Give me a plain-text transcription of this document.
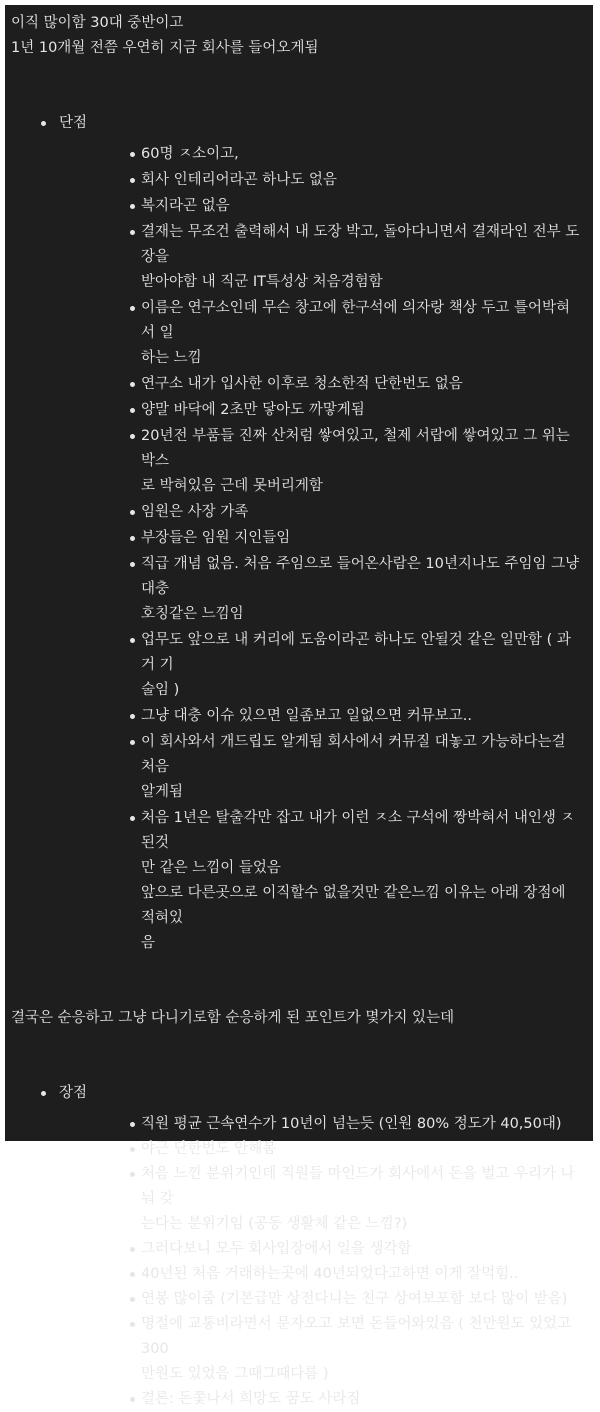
이직 많이함 30대 중반이고

1년 10개월 전쯤 우연히 지금 회사를 들어오게됨

단점
60명 ㅈ소이고,
회사 인테리어라곤 하나도 없음
복지라곤 없음
결재는 무조건 출력해서 내 도장 박고, 돌아다니면서 결재라인 전부 도장을
받아야함 내 직군 IT특성상 처음경험함
이름은 연구소인데 무슨 창고에 한구석에 의자랑 책상 두고 틀어박혀서 일
하는 느낌
연구소 내가 입사한 이후로 청소한적 단한번도 없음
양말 바닥에 2초만 닿아도 까맣게됨
20년전 부품들 진짜 산처럼 쌓여있고, 철제 서랍에 쌓여있고 그 위는 박스
로 박혀있음 근데 못버리게함
임원은 사장 가족
부장들은 임원 지인들임
직급 개념 없음. 처음 주임으로 들어온사람은 10년지나도 주임임 그냥 대충
호칭같은 느낌임
업무도 앞으로 내 커리에 도움이라곤 하나도 안될것 같은 일만함 ( 과거 기
술임 )
그냥 대충 이슈 있으면 일좀보고 일없으면 커뮤보고..
이 회사와서 개드립도 알게됨 회사에서 커뮤질 대놓고 가능하다는걸 처음
알게됨
처음 1년은 탈출각만 잡고 내가 이런 ㅈ소 구석에 짱박혀서 내인생 ㅈ된것
만 같은 느낌이 들었음
앞으로 다른곳으로 이직할수 없을것만 같은느낌 이유는 아래 장점에 적혀있
음

결국은 순응하고 그냥 다니기로함 순응하게 된 포인트가 몇가지 있는데

장점
직원 평균 근속연수가 10년이 넘는듯 (인원 80% 정도가 40,50대)
야근 단한번도 안해봄
처음 느낀 분위기인데 직원들 마인드가 회사에서 돈을 벌고 우리가 나눠 갖
는다는 분위기임 (공동 생활체 같은 느낌?)
그러다보니 모두 회사입장에서 일을 생각함
40년된 처음 거래하는곳에 40년되었다고하면 이게 잘먹힘..
연봉 많이줌 (기본급만 상전다니는 친구 상여보포함 보다 많이 받음)
명절에 교통비라면서 문자오고 보면 돈들어와있음 ( 천만원도 있었고 300
만원도 있었음 그때그때다름 )
결론: 돈쫓나서 희망도 꿈도 사라짐
